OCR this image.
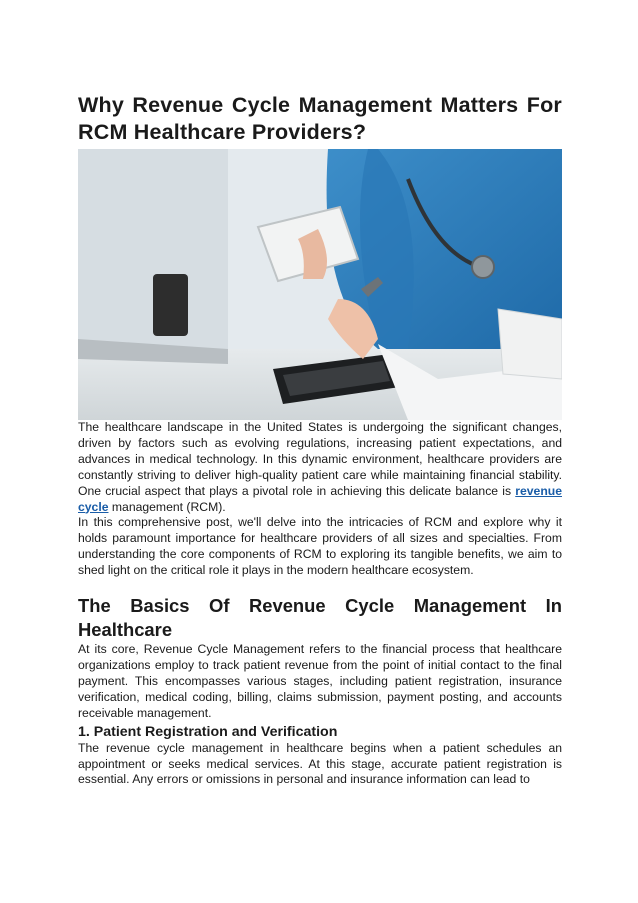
Why Revenue Cycle Management Matters For RCM Healthcare Providers?

The healthcare landscape in the United States is undergoing the significant changes, driven by factors such as evolving regulations, increasing patient expectations, and advances in medical technology. In this dynamic environment, healthcare providers are constantly striving to deliver high-quality patient care while maintaining financial stability. One crucial aspect that plays a pivotal role in achieving this delicate balance is revenue cycle management (RCM).

In this comprehensive post, we'll delve into the intricacies of RCM and explore why it holds paramount importance for healthcare providers of all sizes and specialties. From understanding the core components of RCM to exploring its tangible benefits, we aim to shed light on the critical role it plays in the modern healthcare ecosystem.

The Basics Of Revenue Cycle Management In Healthcare

At its core, Revenue Cycle Management refers to the financial process that healthcare organizations employ to track patient revenue from the point of initial contact to the final payment. This encompasses various stages, including patient registration, insurance verification, medical coding, billing, claims submission, payment posting, and accounts receivable management.

1. Patient Registration and Verification

The revenue cycle management in healthcare begins when a patient schedules an appointment or seeks medical services. At this stage, accurate patient registration is essential. Any errors or omissions in personal and insurance information can lead to
